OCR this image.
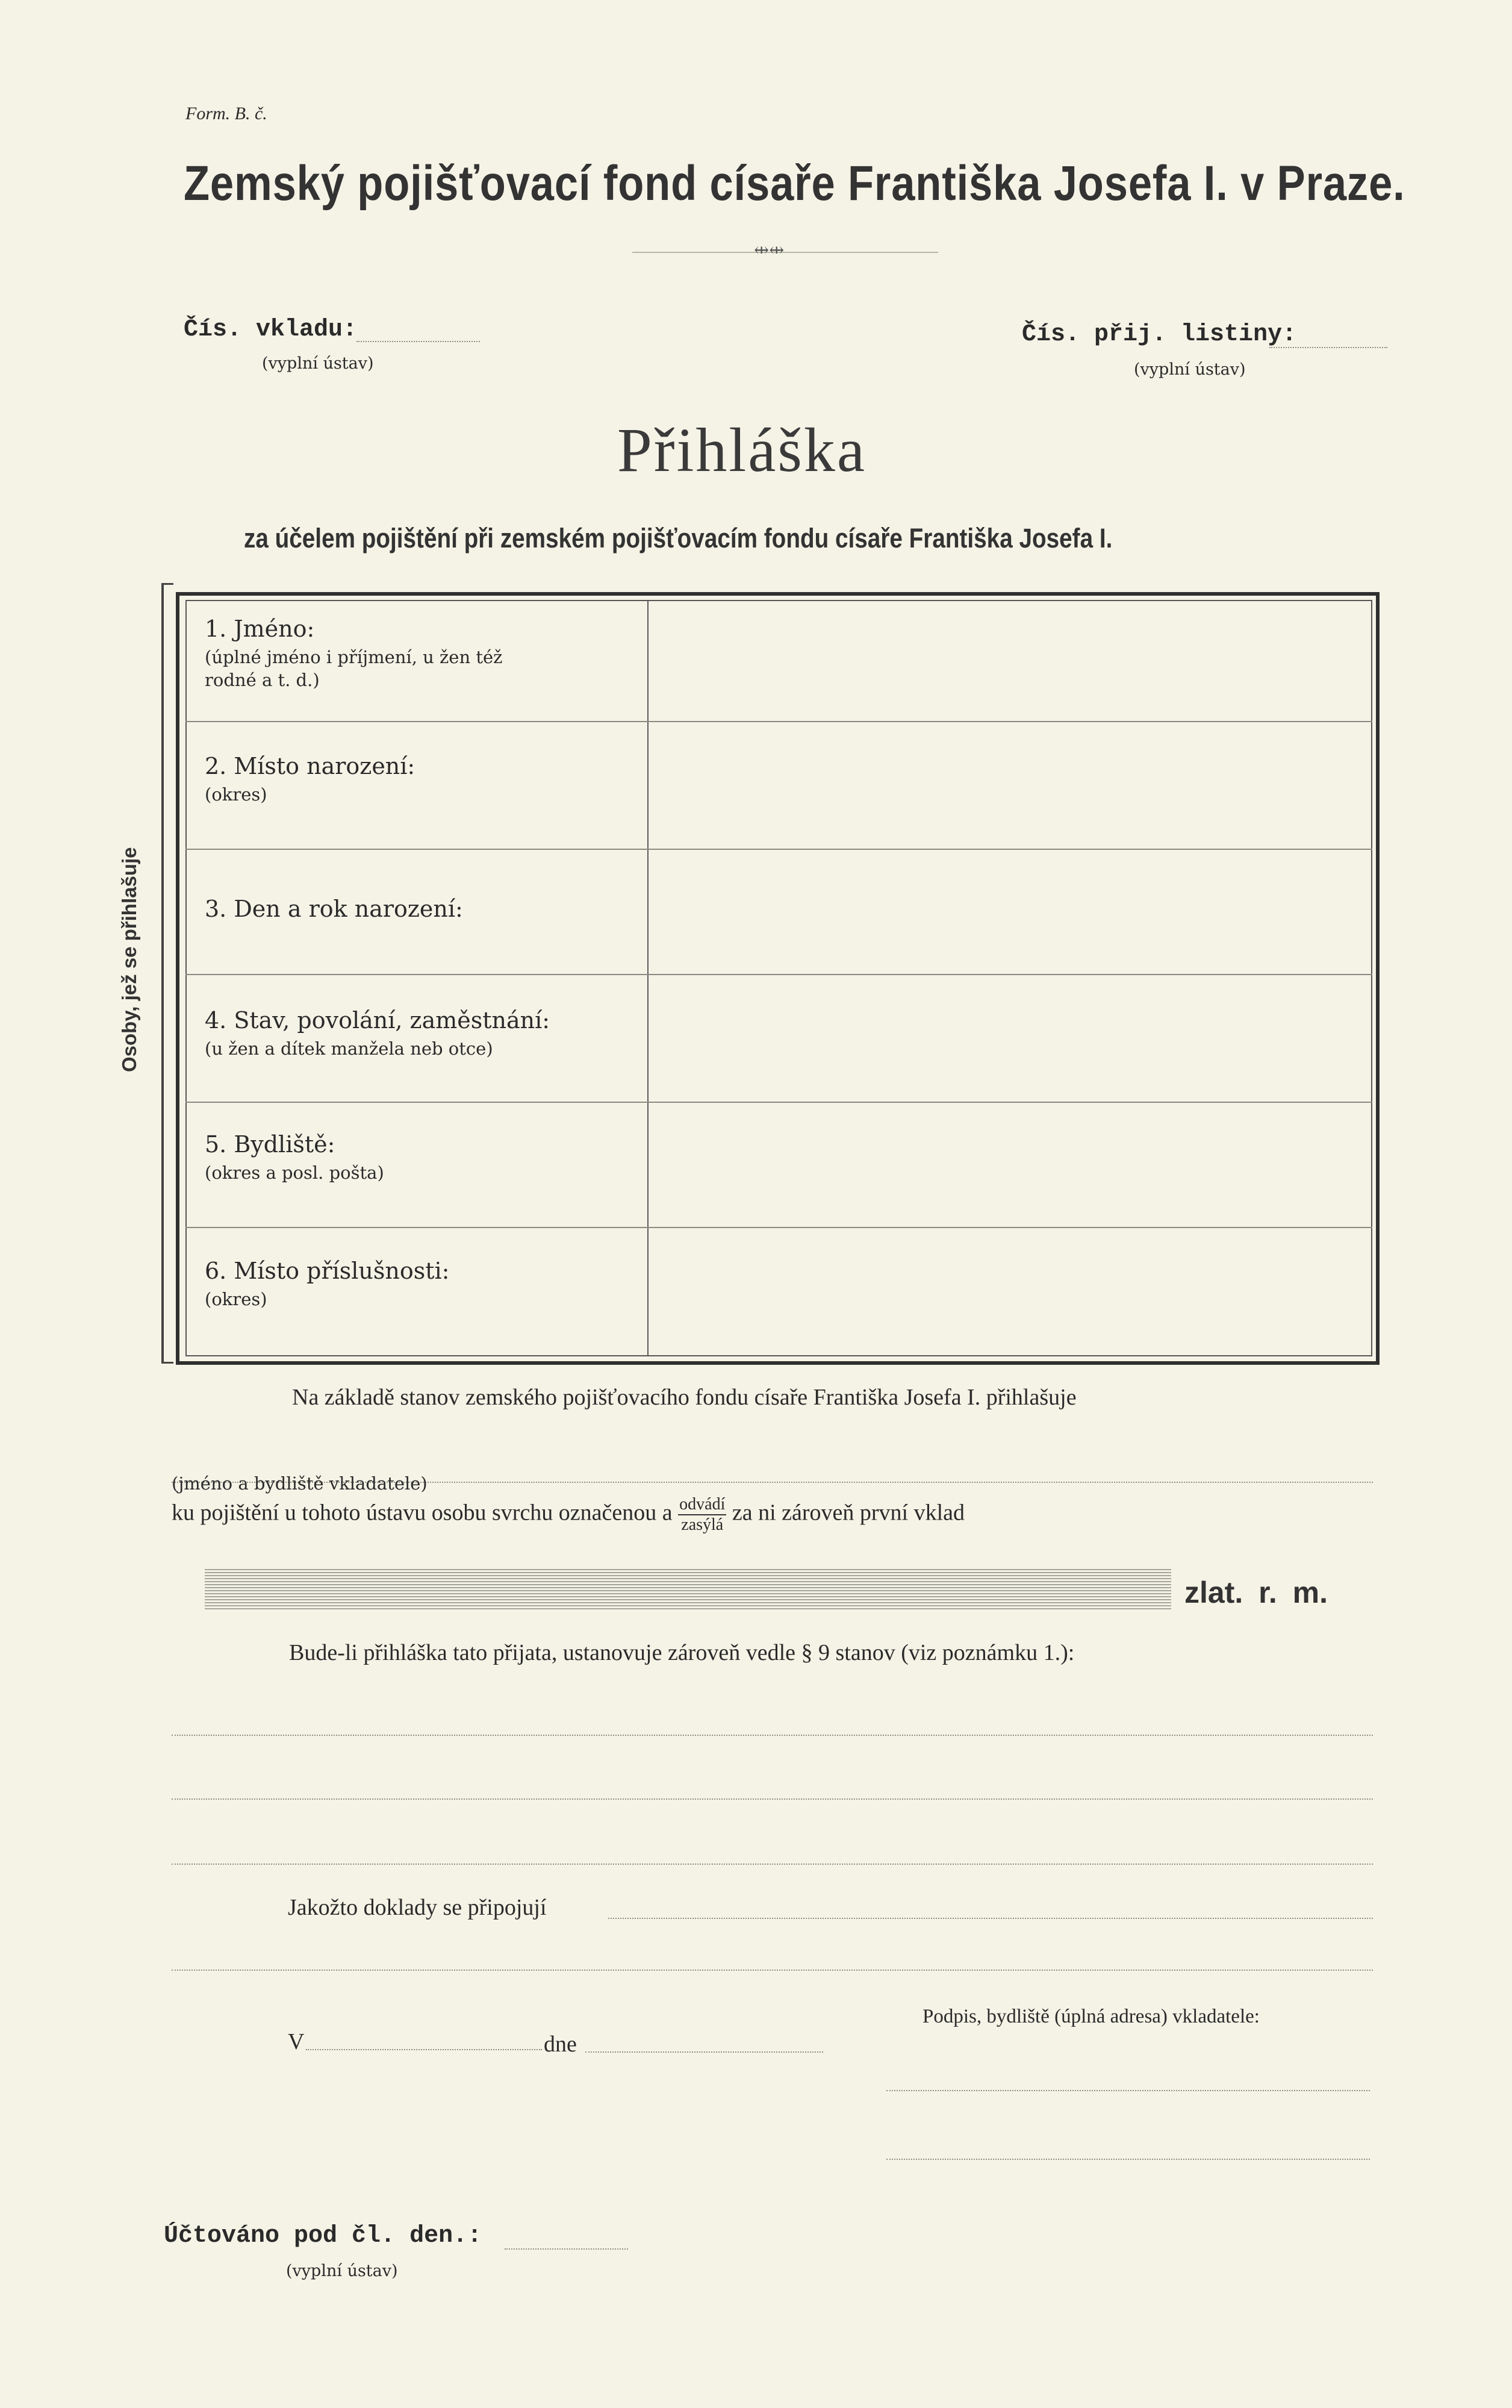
Form. B. č.
Zemský pojišťovací fond císaře Františka Josefa I. v Praze.
⇹⇹
Čís. vkladu:
(vyplní ústav)
Čís. přij. listiny:
(vyplní ústav)
Přihláška
za účelem pojištění při zemském pojišťovacím fondu císaře Františka Josefa I.
Osoby, jež se přihlašuje
1. Jméno:
(úplné jméno i příjmení, u žen též
rodné a t. d.)
2. Místo narození:
(okres)
3. Den a rok narození:
4. Stav, povolání, zaměstnání:
(u žen a dítek manžela neb otce)
5. Bydliště:
(okres a posl. pošta)
6. Místo příslušnosti:
(okres)
Na základě stanov zemského pojišťovacího fondu císaře Františka Josefa I. přihlašuje
(jméno a bydliště vkladatele)
ku pojištění u tohoto ústavu osobu svrchu označenou a $\frac{\text{odvádí}}{\text{zasýlá}}$ za ni zároveň první vklad
zlat. r. m.
Bude-li přihláška tato přijata, ustanovuje zároveň vedle § 9 stanov (viz poznámku 1.):
Jakožto doklady se připojují
V	dne
Podpis, bydliště (úplná adresa) vkladatele:
Účtováno pod čl. den.:
(vyplní ústav)
